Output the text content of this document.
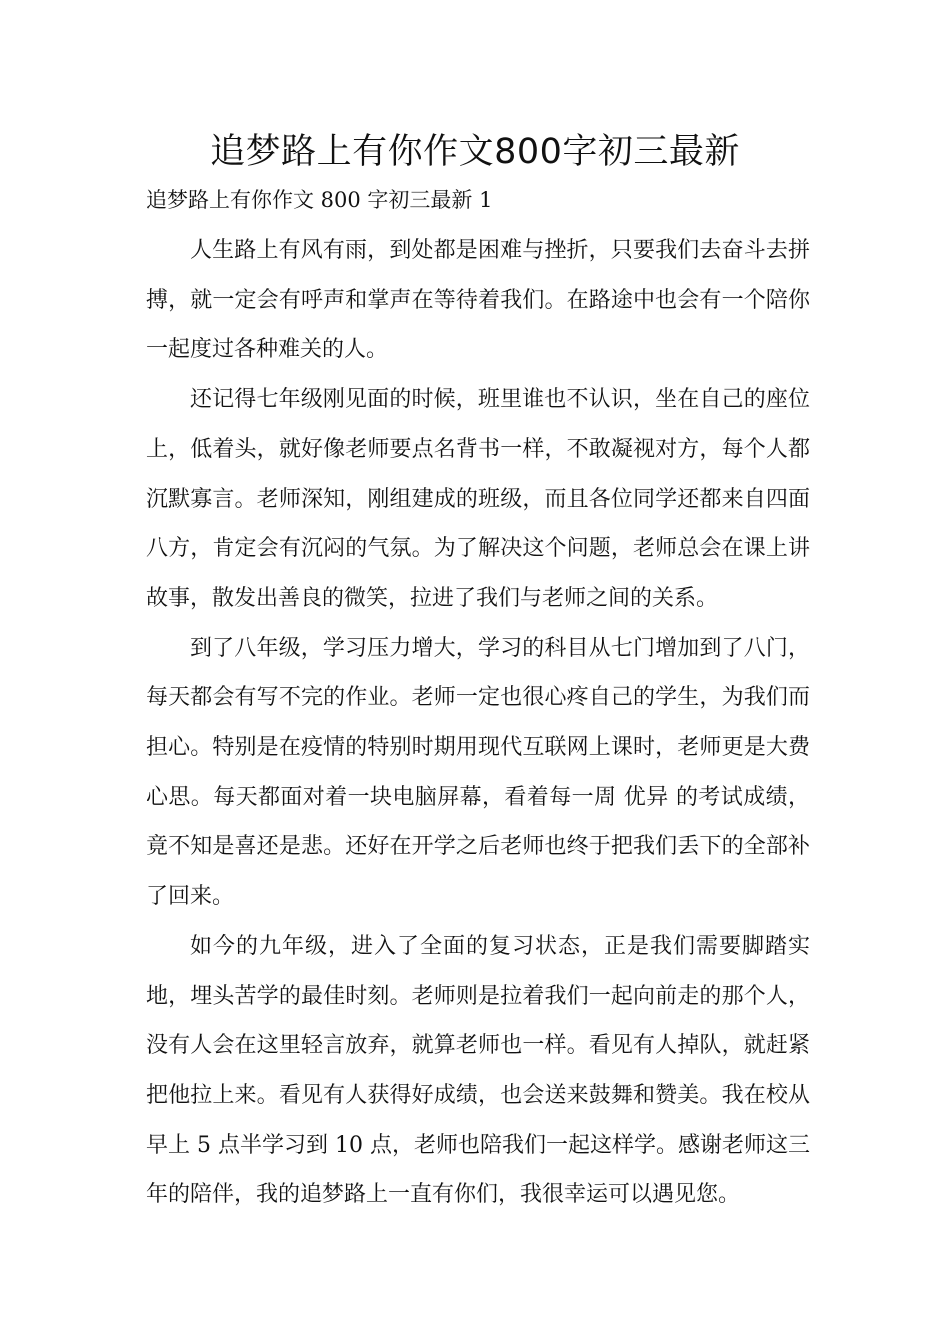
追梦路上有你作文800字初三最新

追梦路上有你作文 800 字初三最新 1

人生路上有风有雨，到处都是困难与挫折，只要我们去奋斗去拼搏，就一定会有呼声和掌声在等待着我们。在路途中也会有一个陪你一起度过各种难关的人。

还记得七年级刚见面的时候，班里谁也不认识，坐在自己的座位上，低着头，就好像老师要点名背书一样，不敢凝视对方，每个人都沉默寡言。老师深知，刚组建成的班级，而且各位同学还都来自四面八方，肯定会有沉闷的气氛。为了解决这个问题，老师总会在课上讲故事，散发出善良的微笑，拉进了我们与老师之间的关系。

到了八年级，学习压力增大，学习的科目从七门增加到了八门，每天都会有写不完的作业。老师一定也很心疼自己的学生，为我们而担心。特别是在疫情的特别时期用现代互联网上课时，老师更是大费心思。每天都面对着一块电脑屏幕，看着每一周 优异 的考试成绩，竟不知是喜还是悲。还好在开学之后老师也终于把我们丢下的全部补了回来。

如今的九年级，进入了全面的复习状态，正是我们需要脚踏实地，埋头苦学的最佳时刻。老师则是拉着我们一起向前走的那个人，没有人会在这里轻言放弃，就算老师也一样。看见有人掉队，就赶紧把他拉上来。看见有人获得好成绩，也会送来鼓舞和赞美。我在校从早上 5 点半学习到 10 点，老师也陪我们一起这样学。感谢老师这三年的陪伴，我的追梦路上一直有你们，我很幸运可以遇见您。
